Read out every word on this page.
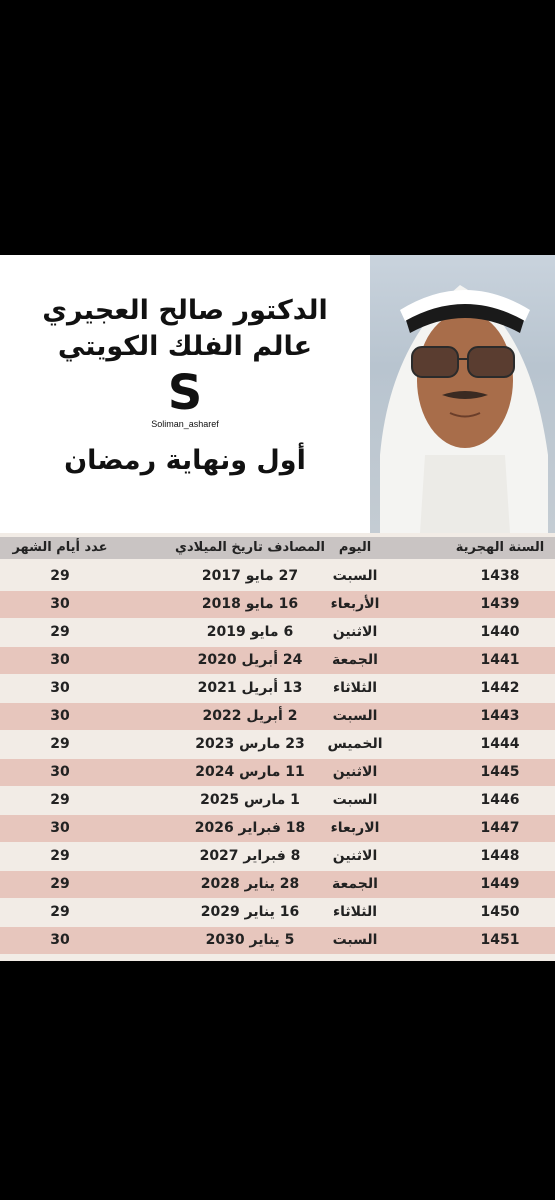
الدكتور صالح العجيري
عالم الفلك الكويتي
S
Soliman_asharef
أول ونهاية رمضان
السنة الهجرية
اليوم
المصادف تاريخ الميلادي
عدد أيام الشهر
1438
السبت
27 مايو 2017
29
1439
الأربعاء
16 مايو 2018
30
1440
الاثنين
6 مايو 2019
29
1441
الجمعة
24 أبريل 2020
30
1442
الثلاثاء
13 أبريل 2021
30
1443
السبت
2 أبريل 2022
30
1444
الخميس
23 مارس 2023
29
1445
الاثنين
11 مارس 2024
30
1446
السبت
1 مارس 2025
29
1447
الاربعاء
18 فبراير 2026
30
1448
الاثنين
8 فبراير 2027
29
1449
الجمعة
28 يناير 2028
29
1450
الثلاثاء
16 يناير 2029
29
1451
السبت
5 يناير 2030
30
